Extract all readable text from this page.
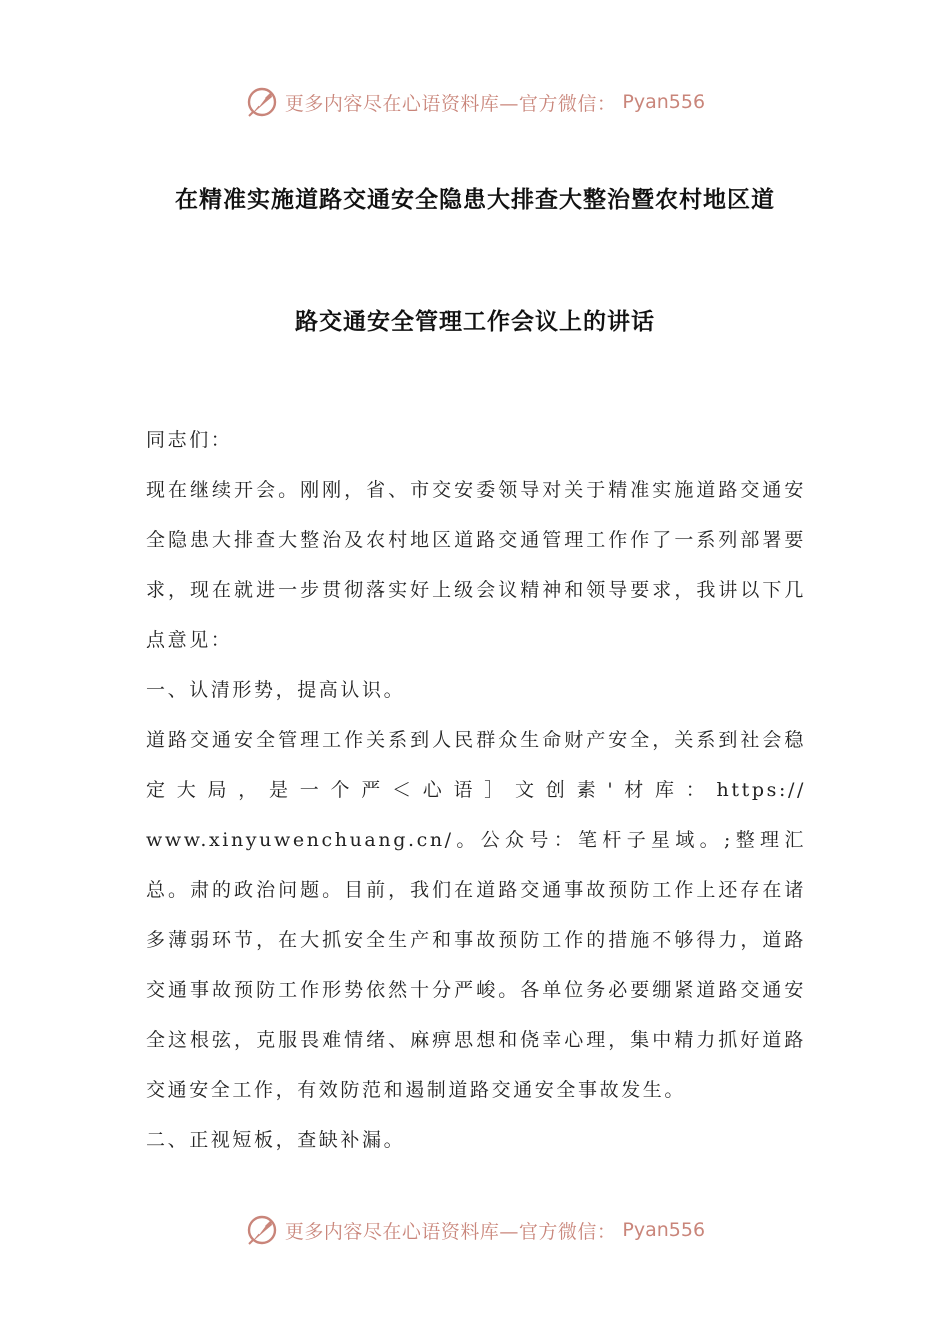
更多内容尽在心语资料库—官方微信： Pyan556
在精准实施道路交通安全隐患大排查大整治暨农村地区道
路交通安全管理工作会议上的讲话

同志们：

现在继续开会。刚刚，省、市交安委领导对关于精准实施道路交通安全隐患大排查大整治及农村地区道路交通管理工作作了一系列部署要求，现在就进一步贯彻落实好上级会议精神和领导要求，我讲以下几点意见：

一、认清形势，提高认识。

道路交通安全管理工作关系到人民群众生命财产安全，关系到社会稳定大局，是一个严＜心语］文创素'材库：https://

www.xinyuwenchuang.cn/。公众号：笔杆子星域。;整理汇总。肃的政治问题。目前，我们在道路交通事故预防工作上还存在诸多薄弱环节，在大抓安全生产和事故预防工作的措施不够得力，道路交通事故预防工作形势依然十分严峻。各单位务必要绷紧道路交通安全这根弦，克服畏难情绪、麻痹思想和侥幸心理，集中精力抓好道路交通安全工作，有效防范和遏制道路交通安全事故发生。

二、正视短板，查缺补漏。

更多内容尽在心语资料库—官方微信： Pyan556
